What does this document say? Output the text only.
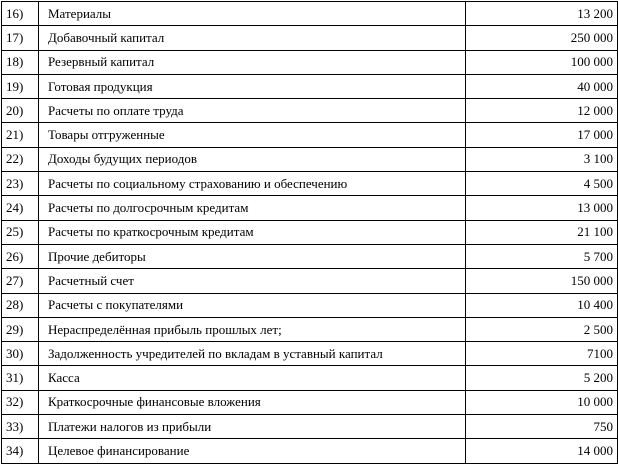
16)	Материалы	13 200
17)	Добавочный капитал	250 000
18)	Резервный капитал	100 000
19)	Готовая продукция	40 000
20)	Расчеты по оплате труда	12 000
21)	Товары отгруженные	17 000
22)	Доходы будущих периодов	3 100
23)	Расчеты по социальному страхованию и обеспечению	4 500
24)	Расчеты по долгосрочным кредитам	13 000
25)	Расчеты по краткосрочным кредитам	21 100
26)	Прочие дебиторы	5 700
27)	Расчетный счет	150 000
28)	Расчеты с покупателями	10 400
29)	Нераспределённая прибыль прошлых лет;	2 500
30)	Задолженность учредителей по вкладам в уставный капитал	7100
31)	Касса	5 200
32)	Краткосрочные финансовые вложения	10 000
33)	Платежи налогов из прибыли	750
34)	Целевое финансирование	14 000
